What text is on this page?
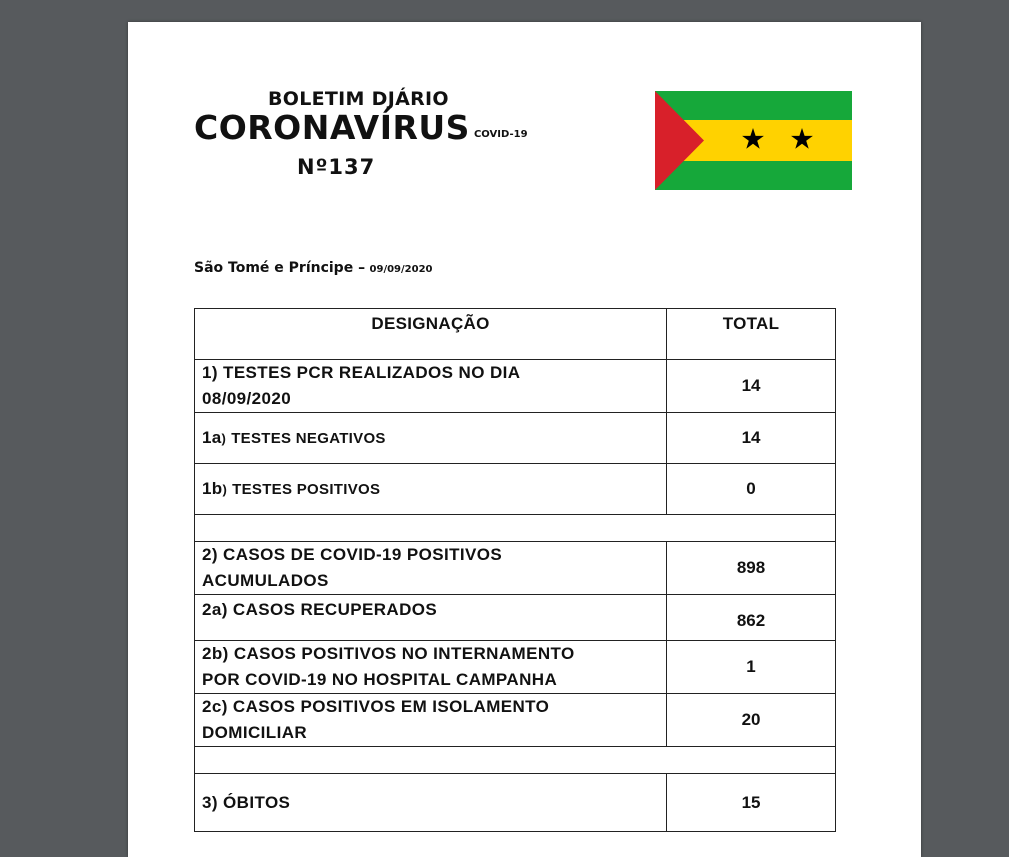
BOLETIM DJÁRIO
CORONAVÍRUS COVID-19
Nº137
São Tomé e Príncipe – 09/09/2020
DESIGNAÇÃO	TOTAL

1) TESTES PCR REALIZADOS NO DIA
08/09/2020	14
1a) TESTES NEGATIVOS	14
1b) TESTES POSITIVOS	0

2) CASOS DE COVID-19 POSITIVOS
ACUMULADOS	898

2a) CASOS RECUPERADOS	862

2b) CASOS POSITIVOS NO INTERNAMENTO
POR COVID-19 NO HOSPITAL CAMPANHA	1

2c) CASOS POSITIVOS EM ISOLAMENTO
DOMICILIAR	20

3) ÓBITOS	15
